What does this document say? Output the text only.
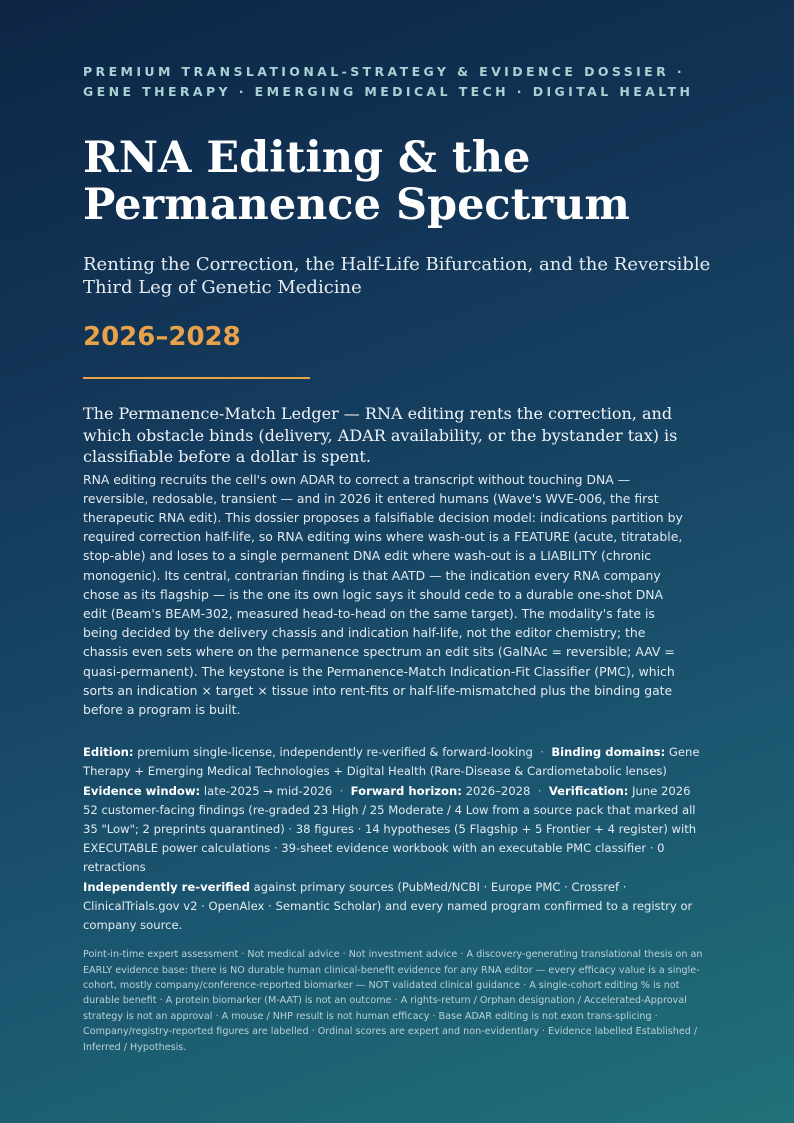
PREMIUM TRANSLATIONAL-STRATEGY & EVIDENCE DOSSIER ·
GENE THERAPY · EMERGING MEDICAL TECH · DIGITAL HEALTH
RNA Editing & the
Permanence Spectrum

Renting the Correction, the Half-Life Bifurcation, and the Reversible Third Leg of Genetic Medicine

2026–2028

The Permanence-Match Ledger — RNA editing rents the correction, and which obstacle binds (delivery, ADAR availability, or the bystander tax) is classifiable before a dollar is spent.

RNA editing recruits the cell's own ADAR to correct a transcript without touching DNA — reversible, redosable, transient — and in 2026 it entered humans (Wave's WVE-006, the first therapeutic RNA edit). This dossier proposes a falsifiable decision model: indications partition by required correction half-life, so RNA editing wins where wash-out is a FEATURE (acute, titratable, stop-able) and loses to a single permanent DNA edit where wash-out is a LIABILITY (chronic monogenic). Its central, contrarian finding is that AATD — the indication every RNA company chose as its flagship — is the one its own logic says it should cede to a durable one-shot DNA edit (Beam's BEAM-302, measured head-to-head on the same target). The modality's fate is being decided by the delivery chassis and indication half-life, not the editor chemistry; the chassis even sets where on the permanence spectrum an edit sits (GalNAc = reversible; AAV = quasi-permanent). The keystone is the Permanence-Match Indication-Fit Classifier (PMC), which sorts an indication × target × tissue into rent-fits or half-life-mismatched plus the binding gate before a program is built.

Edition: premium single-license, independently re-verified & forward-looking · Binding domains: Gene Therapy + Emerging Medical Technologies + Digital Health (Rare-Disease & Cardiometabolic lenses)

Evidence window: late-2025 → mid-2026 · Forward horizon: 2026–2028 · Verification: June 2026

52 customer-facing findings (re-graded 23 High / 25 Moderate / 4 Low from a source pack that marked all 35 "Low"; 2 preprints quarantined) · 38 figures · 14 hypotheses (5 Flagship + 5 Frontier + 4 register) with EXECUTABLE power calculations · 39-sheet evidence workbook with an executable PMC classifier · 0 retractions

Independently re-verified against primary sources (PubMed/NCBI · Europe PMC · Crossref · ClinicalTrials.gov v2 · OpenAlex · Semantic Scholar) and every named program confirmed to a registry or company source.

Point-in-time expert assessment · Not medical advice · Not investment advice · A discovery-generating translational thesis on an EARLY evidence base: there is NO durable human clinical-benefit evidence for any RNA editor — every efficacy value is a single-cohort, mostly company/conference-reported biomarker — NOT validated clinical guidance · A single-cohort editing % is not durable benefit · A protein biomarker (M-AAT) is not an outcome · A rights-return / Orphan designation / Accelerated-Approval strategy is not an approval · A mouse / NHP result is not human efficacy · Base ADAR editing is not exon trans-splicing · Company/registry-reported figures are labelled · Ordinal scores are expert and non-evidentiary · Evidence labelled Established / Inferred / Hypothesis.
